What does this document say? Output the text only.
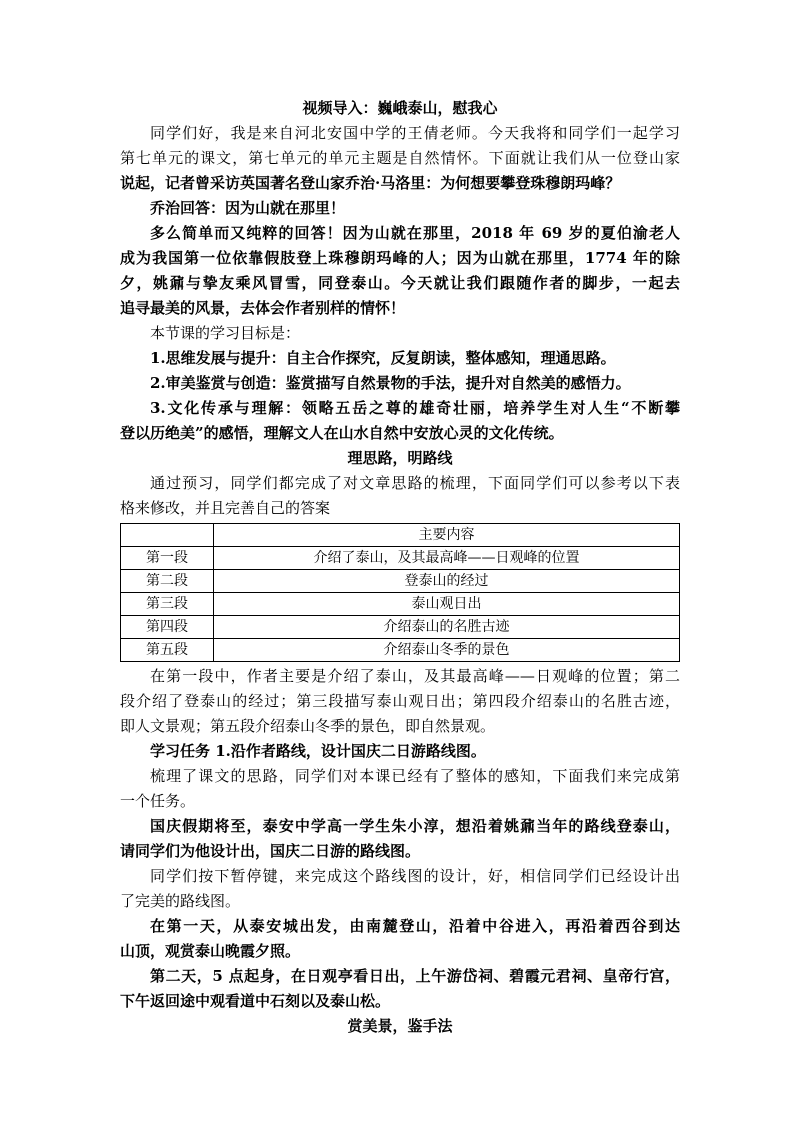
视频导入：巍峨泰山，慰我心
同学们好，我是来自河北安国中学的王倩老师。今天我将和同学们一起学习
第七单元的课文，第七单元的单元主题是自然情怀。下面就让我们从一位登山家
说起，记者曾采访英国著名登山家乔治·马洛里：为何想要攀登珠穆朗玛峰？
乔治回答：因为山就在那里！
多么简单而又纯粹的回答！因为山就在那里，2018 年 69 岁的夏伯渝老人
成为我国第一位依靠假肢登上珠穆朗玛峰的人；因为山就在那里，1774 年的除
夕，姚鼐与挚友乘风冒雪，同登泰山。今天就让我们跟随作者的脚步，一起去
追寻最美的风景，去体会作者别样的情怀！
本节课的学习目标是：
1.思维发展与提升：自主合作探究，反复朗读，整体感知，理通思路。
2.审美鉴赏与创造：鉴赏描写自然景物的手法，提升对自然美的感悟力。
3.文化传承与理解：领略五岳之尊的雄奇壮丽，培养学生对人生“不断攀
登以历绝美”的感悟，理解文人在山水自然中安放心灵的文化传统。
理思路，明路线
通过预习，同学们都完成了对文章思路的梳理，下面同学们可以参考以下表
格来修改，并且完善自己的答案
	主要内容
第一段	介绍了泰山，及其最高峰——日观峰的位置
第二段	登泰山的经过
第三段	泰山观日出
第四段	介绍泰山的名胜古迹
第五段	介绍泰山冬季的景色
在第一段中，作者主要是介绍了泰山，及其最高峰——日观峰的位置；第二
段介绍了登泰山的经过；第三段描写泰山观日出；第四段介绍泰山的名胜古迹，
即人文景观；第五段介绍泰山冬季的景色，即自然景观。
学习任务 1.沿作者路线，设计国庆二日游路线图。
梳理了课文的思路，同学们对本课已经有了整体的感知，下面我们来完成第
一个任务。
国庆假期将至，泰安中学高一学生朱小淳，想沿着姚鼐当年的路线登泰山，
请同学们为他设计出，国庆二日游的路线图。
同学们按下暂停键，来完成这个路线图的设计，好，相信同学们已经设计出
了完美的路线图。
在第一天，从泰安城出发，由南麓登山，沿着中谷进入，再沿着西谷到达
山顶，观赏泰山晚霞夕照。
第二天，5 点起身，在日观亭看日出，上午游岱祠、碧霞元君祠、皇帝行宫，
下午返回途中观看道中石刻以及泰山松。
赏美景，鉴手法
